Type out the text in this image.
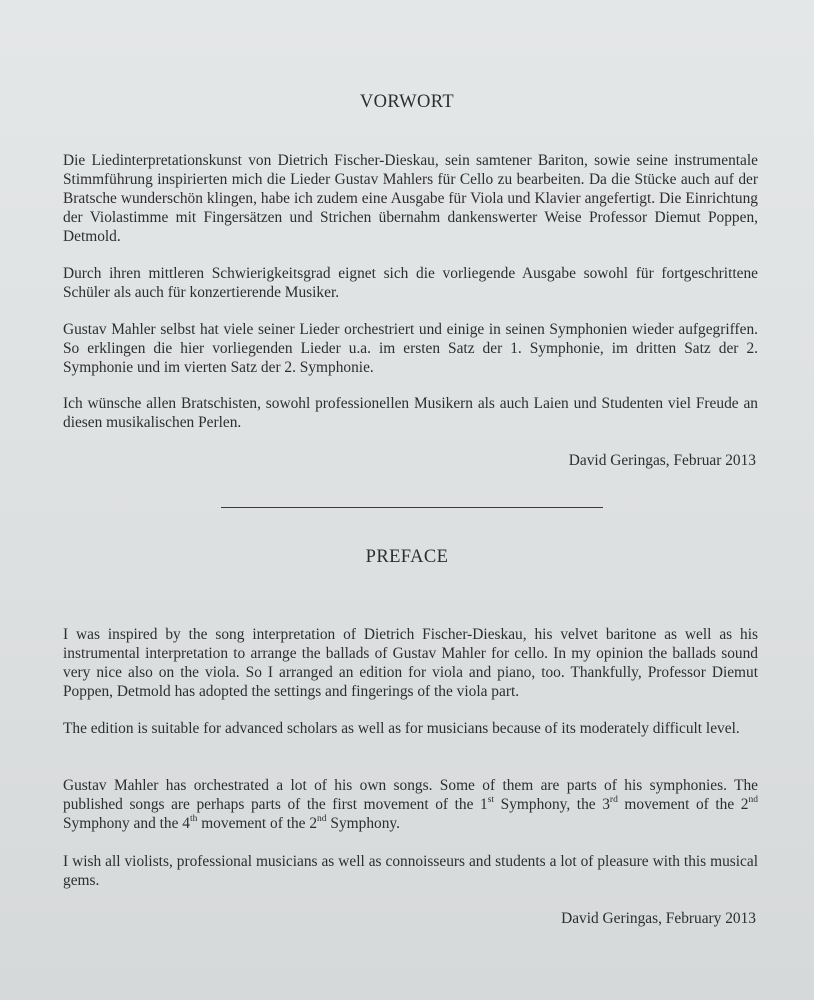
VORWORT
Die Liedinterpretationskunst von Dietrich Fischer-Dieskau, sein samtener Bariton, sowie seine instrumentale Stimmführung inspirierten mich die Lieder Gustav Mahlers für Cello zu bearbeiten. Da die Stücke auch auf der Bratsche wunderschön klingen, habe ich zudem eine Ausgabe für Viola und Klavier angefertigt. Die Einrichtung der Violastimme mit Fingersätzen und Strichen übernahm dankenswerter Weise Professor Diemut Poppen, Detmold.
Durch ihren mittleren Schwierigkeitsgrad eignet sich die vorliegende Ausgabe sowohl für fortgeschrittene Schüler als auch für konzertierende Musiker.
Gustav Mahler selbst hat viele seiner Lieder orchestriert und einige in seinen Symphonien wieder aufgegriffen. So erklingen die hier vorliegenden Lieder u.a. im ersten Satz der 1. Symphonie, im dritten Satz der 2. Symphonie und im vierten Satz der 2. Symphonie.
Ich wünsche allen Bratschisten, sowohl professionellen Musikern als auch Laien und Studenten viel Freude an diesen musikalischen Perlen.
David Geringas, Februar 2013
PREFACE
I was inspired by the song interpretation of Dietrich Fischer-Dieskau, his velvet baritone as well as his instrumental interpretation to arrange the ballads of Gustav Mahler for cello. In my opinion the ballads sound very nice also on the viola. So I arranged an edition for viola and piano, too. Thankfully, Professor Diemut Poppen, Detmold has adopted the settings and fingerings of the viola part.
The edition is suitable for advanced scholars as well as for musicians because of its moderately difficult level.
Gustav Mahler has orchestrated a lot of his own songs. Some of them are parts of his symphonies. The published songs are perhaps parts of the first movement of the 1st Symphony, the 3rd movement of the 2nd Symphony and the 4th movement of the 2nd Symphony.
I wish all violists, professional musicians as well as connoisseurs and students a lot of pleasure with this musical gems.
David Geringas, February 2013
